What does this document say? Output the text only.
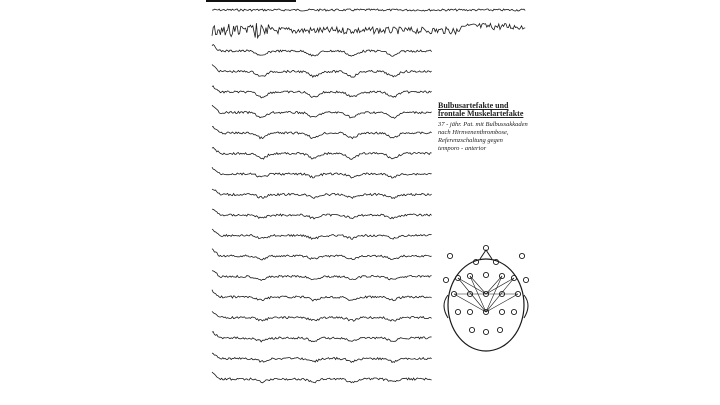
Bulbusartefakte und
frontale Muskelartefakte
37 - jähr. Pat. mit Bulbussakkaden
nach Hirnvenenthrombose,
Referenzschaltung gegen
temporo - anterior
